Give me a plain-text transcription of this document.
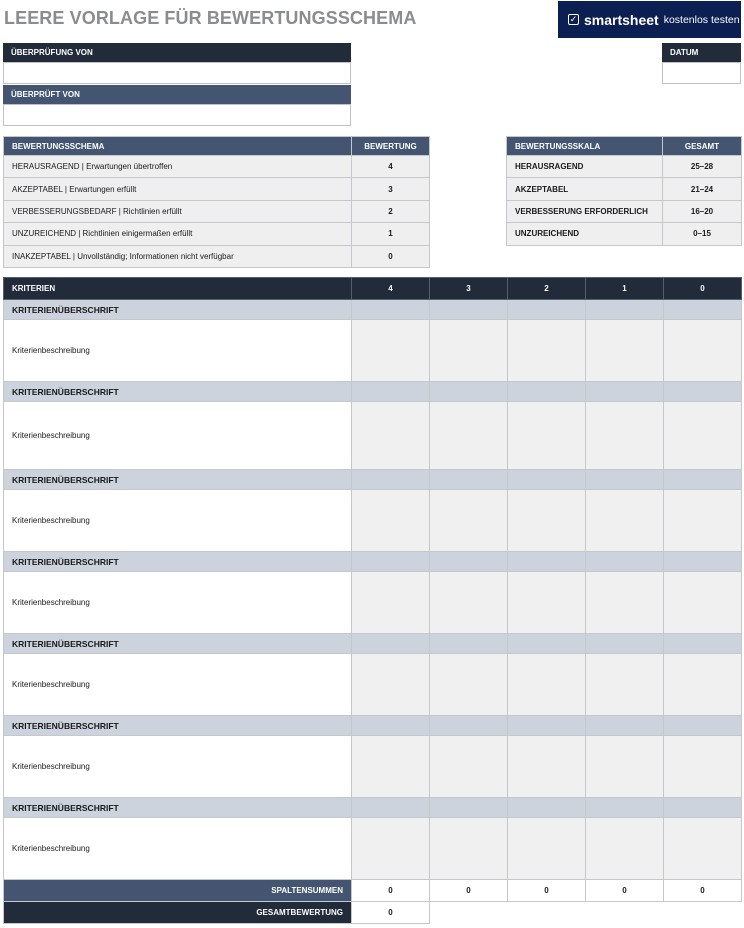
LEERE VORLAGE FÜR BEWERTUNGSSCHEMA	✓ smartsheet kostenlos testen
ÜBERPRÜFUNG VON
ÜBERPRÜFT VON
DATUM
BEWERTUNGSSCHEMA	BEWERTUNG
HERAUSRAGEND | Erwartungen übertroffen	4
AKZEPTABEL | Erwartungen erfüllt	3
VERBESSERUNGSBEDARF | Richtlinien erfüllt	2
UNZUREICHEND | Richtlinien einigermaßen erfüllt	1
INAKZEPTABEL | Unvollständig; Informationen nicht verfügbar	0
BEWERTUNGSSKALA	GESAMT
HERAUSRAGEND	25–28
AKZEPTABEL	21–24
VERBESSERUNG ERFORDERLICH	16–20
UNZUREICHEND	0–15
KRITERIEN	4	3	2	1	0
KRITERIENÜBERSCHRIFT					
Kriterienbeschreibung					
KRITERIENÜBERSCHRIFT					
Kriterienbeschreibung					
KRITERIENÜBERSCHRIFT					
Kriterienbeschreibung					
KRITERIENÜBERSCHRIFT					
Kriterienbeschreibung					
KRITERIENÜBERSCHRIFT					
Kriterienbeschreibung					
KRITERIENÜBERSCHRIFT					
Kriterienbeschreibung					
KRITERIENÜBERSCHRIFT					
Kriterienbeschreibung					
SPALTENSUMMEN	0	0	0	0	0
GESAMTBEWERTUNG	0				
